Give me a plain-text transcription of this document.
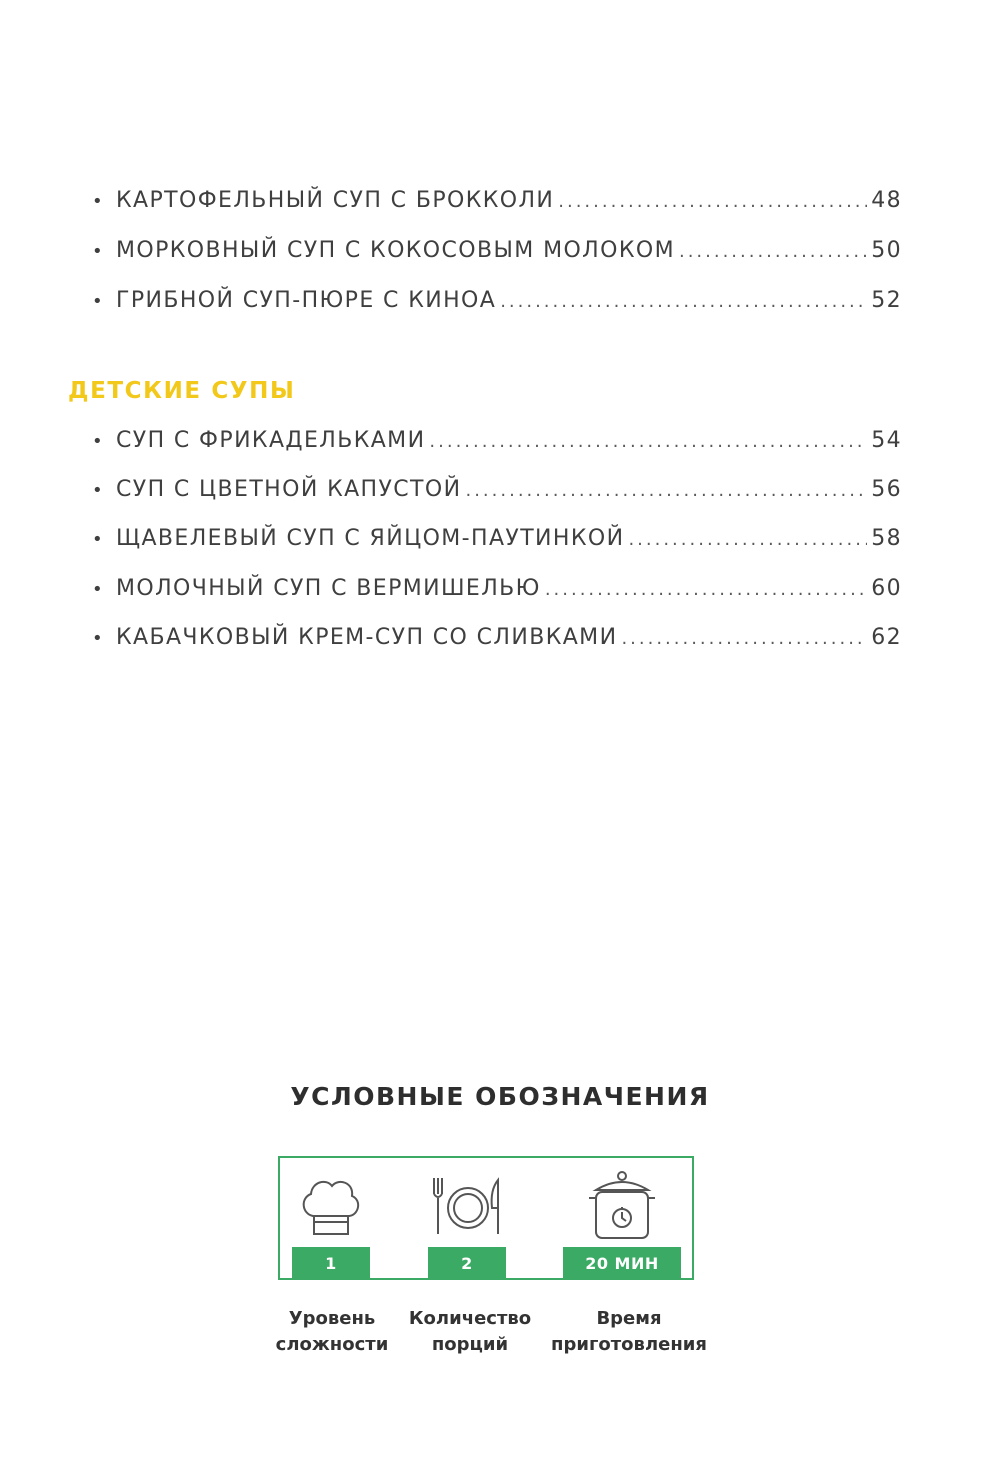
• КАРТОФЕЛЬНЫЙ СУП С БРОККОЛИ .....	48
• МОРКОВНЫЙ СУП С КОКОСОВЫМ МОЛОКОМ .....	50
• ГРИБНОЙ СУП-ПЮРЕ С КИНОА .....	52
ДЕТСКИЕ СУПЫ
• СУП С ФРИКАДЕЛЬКАМИ .....	54
• СУП С ЦВЕТНОЙ КАПУСТОЙ .....	56
• ЩАВЕЛЕВЫЙ СУП С ЯЙЦОМ-ПАУТИНКОЙ .....	58
• МОЛОЧНЫЙ СУП С ВЕРМИШЕЛЬЮ .....	60
• КАБАЧКОВЫЙ КРЕМ-СУП СО СЛИВКАМИ .....	62
УСЛОВНЫЕ ОБОЗНАЧЕНИЯ
1	2	20 МИН
Уровень
сложности
Количество
порций
Время
приготовления
